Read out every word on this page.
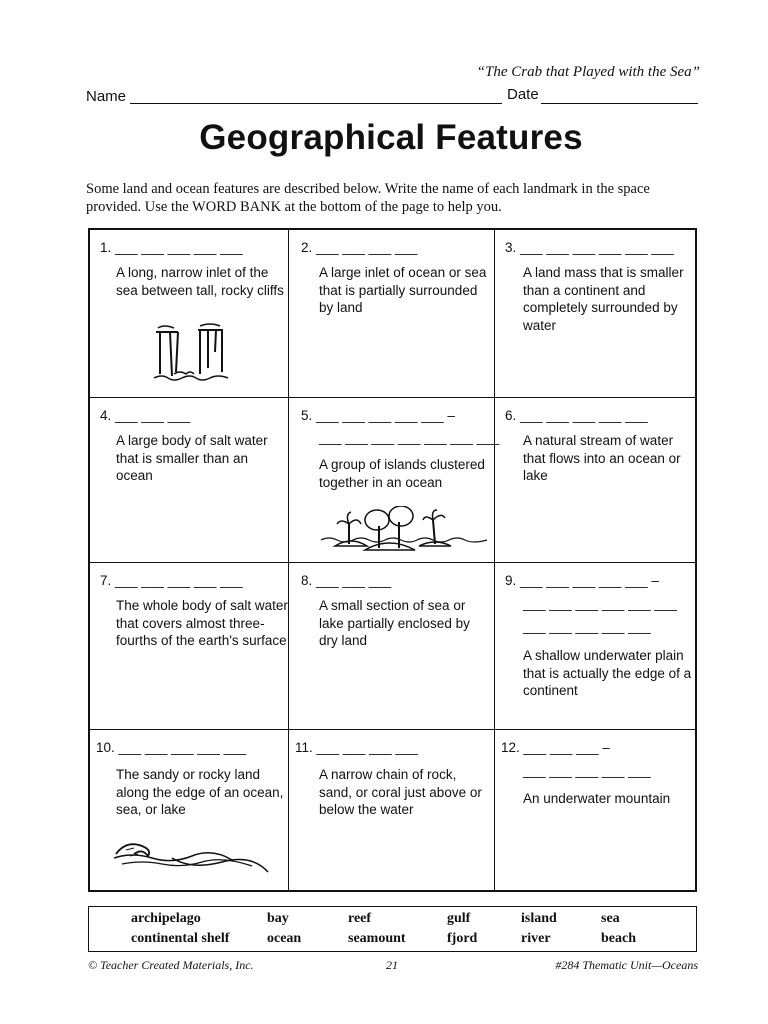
“The Crab that Played with the Sea”
Name	Date
Geographical Features
Some land and ocean features are described below. Write the name of each landmark in the space provided. Use the WORD BANK at the bottom of the page to help you.
1. ___ ___ ___ ___ ___
A long, narrow inlet of the sea between tall, rocky cliffs
2. ___ ___ ___ ___
A large inlet of ocean or sea that is partially surrounded by land
3. ___ ___ ___ ___ ___ ___
A land mass that is smaller than a continent and completely surrounded by water
4. ___ ___ ___
A large body of salt water that is smaller than an ocean
5. ___ ___ ___ ___ ___ –
___ ___ ___ ___ ___ ___ ___
A group of islands clustered together in an ocean
6. ___ ___ ___ ___ ___
A natural stream of water that flows into an ocean or lake
7. ___ ___ ___ ___ ___
The whole body of salt water that covers almost three-fourths of the earth's surface
8. ___ ___ ___
A small section of sea or lake partially enclosed by dry land
9. ___ ___ ___ ___ ___ –
___ ___ ___ ___ ___ ___
___ ___ ___ ___ ___
A shallow underwater plain that is actually the edge of a continent
10. ___ ___ ___ ___ ___
The sandy or rocky land along the edge of an ocean, sea, or lake
11. ___ ___ ___ ___
A narrow chain of rock, sand, or coral just above or below the water
12. ___ ___ ___ –
___ ___ ___ ___ ___
An underwater mountain
archipelago	bay	reef	gulf	island	sea
continental shelf	ocean	seamount	fjord	river	beach
© Teacher Created Materials, Inc.	21	#284 Thematic Unit—Oceans
